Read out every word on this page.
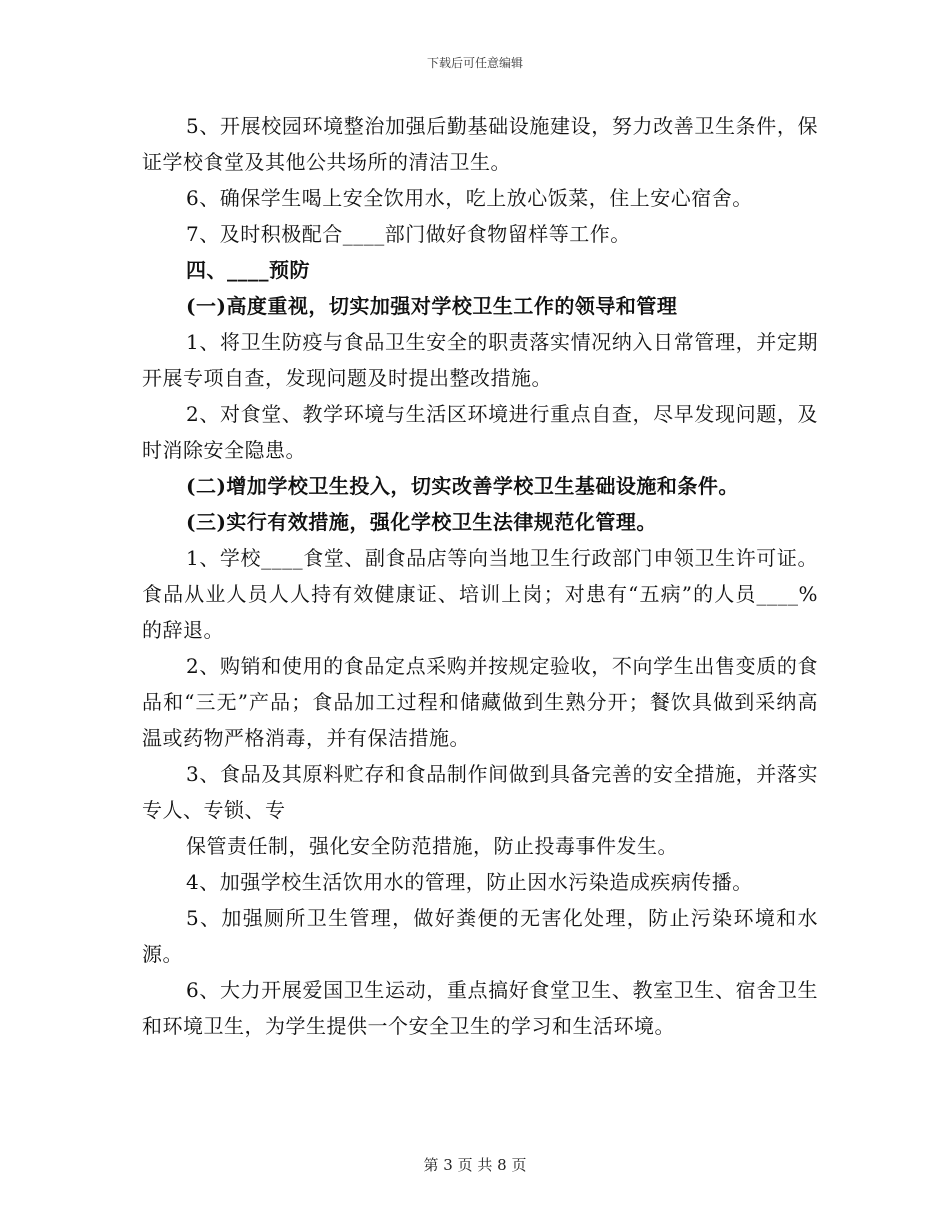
下载后可任意编辑

5、开展校园环境整治加强后勤基础设施建设，努力改善卫生条件，保证学校食堂及其他公共场所的清洁卫生。

6、确保学生喝上安全饮用水，吃上放心饭菜，住上安心宿舍。

7、及时积极配合____部门做好食物留样等工作。

四、____预防

(一)高度重视，切实加强对学校卫生工作的领导和管理

1、将卫生防疫与食品卫生安全的职责落实情况纳入日常管理，并定期开展专项自查，发现问题及时提出整改措施。

2、对食堂、教学环境与生活区环境进行重点自查，尽早发现问题，及时消除安全隐患。

(二)增加学校卫生投入，切实改善学校卫生基础设施和条件。

(三)实行有效措施，强化学校卫生法律规范化管理。

1、学校____食堂、副食品店等向当地卫生行政部门申领卫生许可证。食品从业人员人人持有效健康证、培训上岗；对患有“五病”的人员____%的辞退。

2、购销和使用的食品定点采购并按规定验收，不向学生出售变质的食品和“三无”产品；食品加工过程和储藏做到生熟分开；餐饮具做到采纳高温或药物严格消毒，并有保洁措施。

3、食品及其原料贮存和食品制作间做到具备完善的安全措施，并落实专人、专锁、专

保管责任制，强化安全防范措施，防止投毒事件发生。

4、加强学校生活饮用水的管理，防止因水污染造成疾病传播。

5、加强厕所卫生管理，做好粪便的无害化处理，防止污染环境和水源。

6、大力开展爱国卫生运动，重点搞好食堂卫生、教室卫生、宿舍卫生和环境卫生，为学生提供一个安全卫生的学习和生活环境。

第 3 页 共 8 页
